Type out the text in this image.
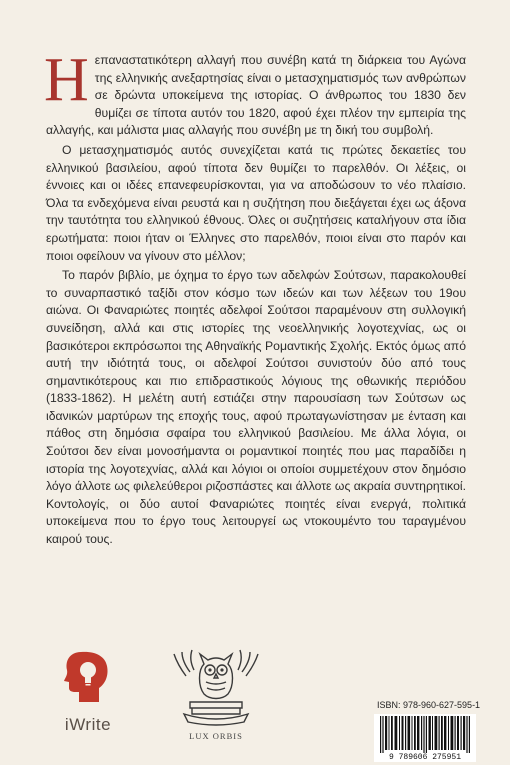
Ηεπαναστατικότερη αλλαγή που συνέβη κατά τη διάρκεια του Αγώνα της ελληνικής ανεξαρτησίας είναι ο μετασχηματισμός των ανθρώπων σε δρώντα υποκείμενα της ιστορίας. Ο άνθρωπος του 1830 δεν θυμίζει σε τίποτα αυτόν του 1820, αφού έχει πλέον την εμπειρία της αλλαγής, και μάλιστα μιας αλλαγής που συνέβη με τη δική του συμβολή.

Ο μετασχηματισμός αυτός συνεχίζεται κατά τις πρώτες δεκαετίες του ελληνικού βασιλείου, αφού τίποτα δεν θυμίζει το παρελθόν. Οι λέξεις, οι έννοιες και οι ιδέες επανεφευρίσκονται, για να αποδώσουν το νέο πλαίσιο. Όλα τα ενδεχόμενα είναι ρευστά και η συζήτηση που διεξάγεται έχει ως άξονα την ταυτότητα του ελληνικού έθνους. Όλες οι συζητήσεις καταλήγουν στα ίδια ερωτήματα: ποιοι ήταν οι Έλληνες στο παρελθόν, ποιοι είναι στο παρόν και ποιοι οφείλουν να γίνουν στο μέλλον;

Το παρόν βιβλίο, με όχημα το έργο των αδελφών Σούτσων, παρακολουθεί το συναρπαστικό ταξίδι στον κόσμο των ιδεών και των λέξεων του 19ου αιώνα. Οι Φαναριώτες ποιητές αδελφοί Σούτσοι παραμένουν στη συλλογική συνείδηση, αλλά και στις ιστορίες της νεοελληνικής λογοτεχνίας, ως οι βασικότεροι εκπρόσωποι της Αθηναϊκής Ρομαντικής Σχολής. Εκτός όμως από αυτή την ιδιότητά τους, οι αδελφοί Σούτσοι συνιστούν δύο από τους σημαντικότερους και πιο επιδραστικούς λόγιους της οθωνικής περιόδου (1833-1862). Η μελέτη αυτή εστιάζει στην παρουσίαση των Σούτσων ως ιδανικών μαρτύρων της εποχής τους, αφού πρωταγωνίστησαν με ένταση και πάθος στη δημόσια σφαίρα του ελληνικού βασιλείου. Με άλλα λόγια, οι Σούτσοι δεν είναι μονοσήμαντα οι ρομαντικοί ποιητές που μας παραδίδει η ιστορία της λογοτεχνίας, αλλά και λόγιοι οι οποίοι συμμετέχουν στον δημόσιο λόγο άλλοτε ως φιλελεύθεροι ριζοσπάστες και άλλοτε ως ακραία συντηρητικοί. Κοντολογίς, οι δύο αυτοί Φαναριώτες ποιητές είναι ενεργά, πολιτικά υποκείμενα που το έργο τους λειτουργεί ως ντοκουμέντο του ταραγμένου καιρού τους.

iWrite
LUX ORBIS
ISBN: 978-960-627-595-1
9 789606 275951
